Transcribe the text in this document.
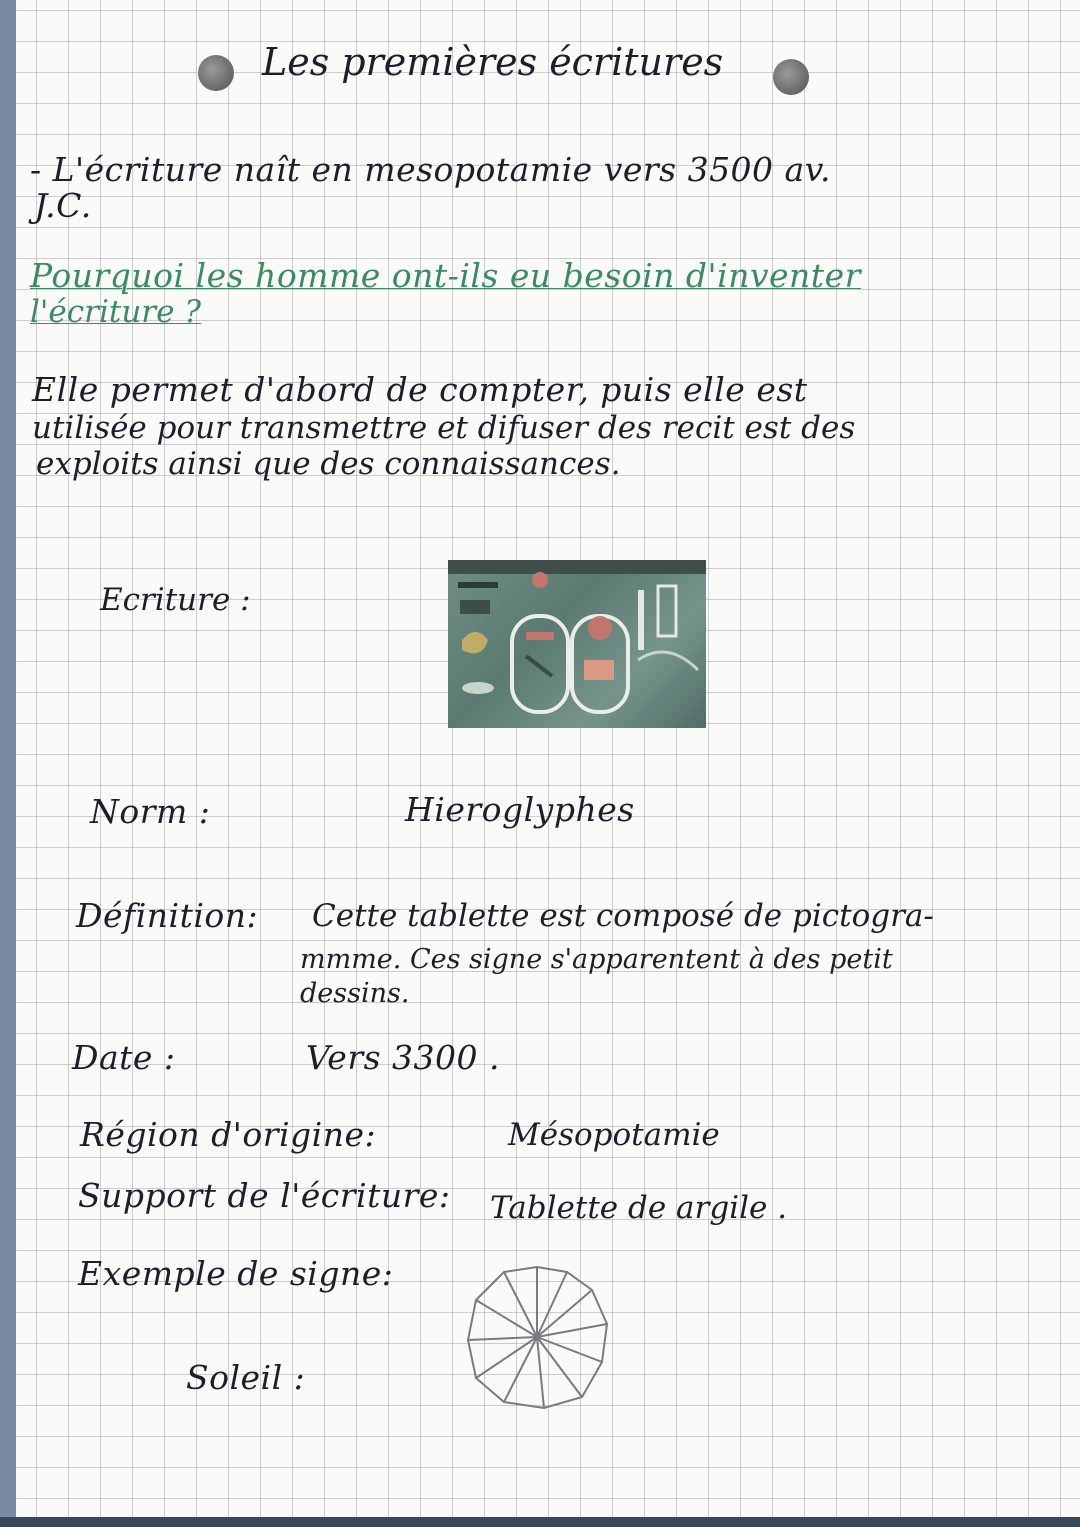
Les premières écritures

- L'écriture naît en mesopotamie vers 3500 av.

J.C.

Pourquoi les homme ont-ils eu besoin d'inventer

l'écriture ?

Elle permet d'abord de compter, puis elle est

utilisée pour transmettre et difuser des recit est des

exploits ainsi que des connaissances.

Ecriture :

Norm :	Hieroglyphes

Définition: Cette tablette est composé de pictogra-

mmme. Ces signe s'apparentent à des petit

dessins.

Date :	Vers 3300 .

Région d'origine:	Mésopotamie

Support de l'écriture: Tablette de argile .

Exemple de signe:

Soleil :
